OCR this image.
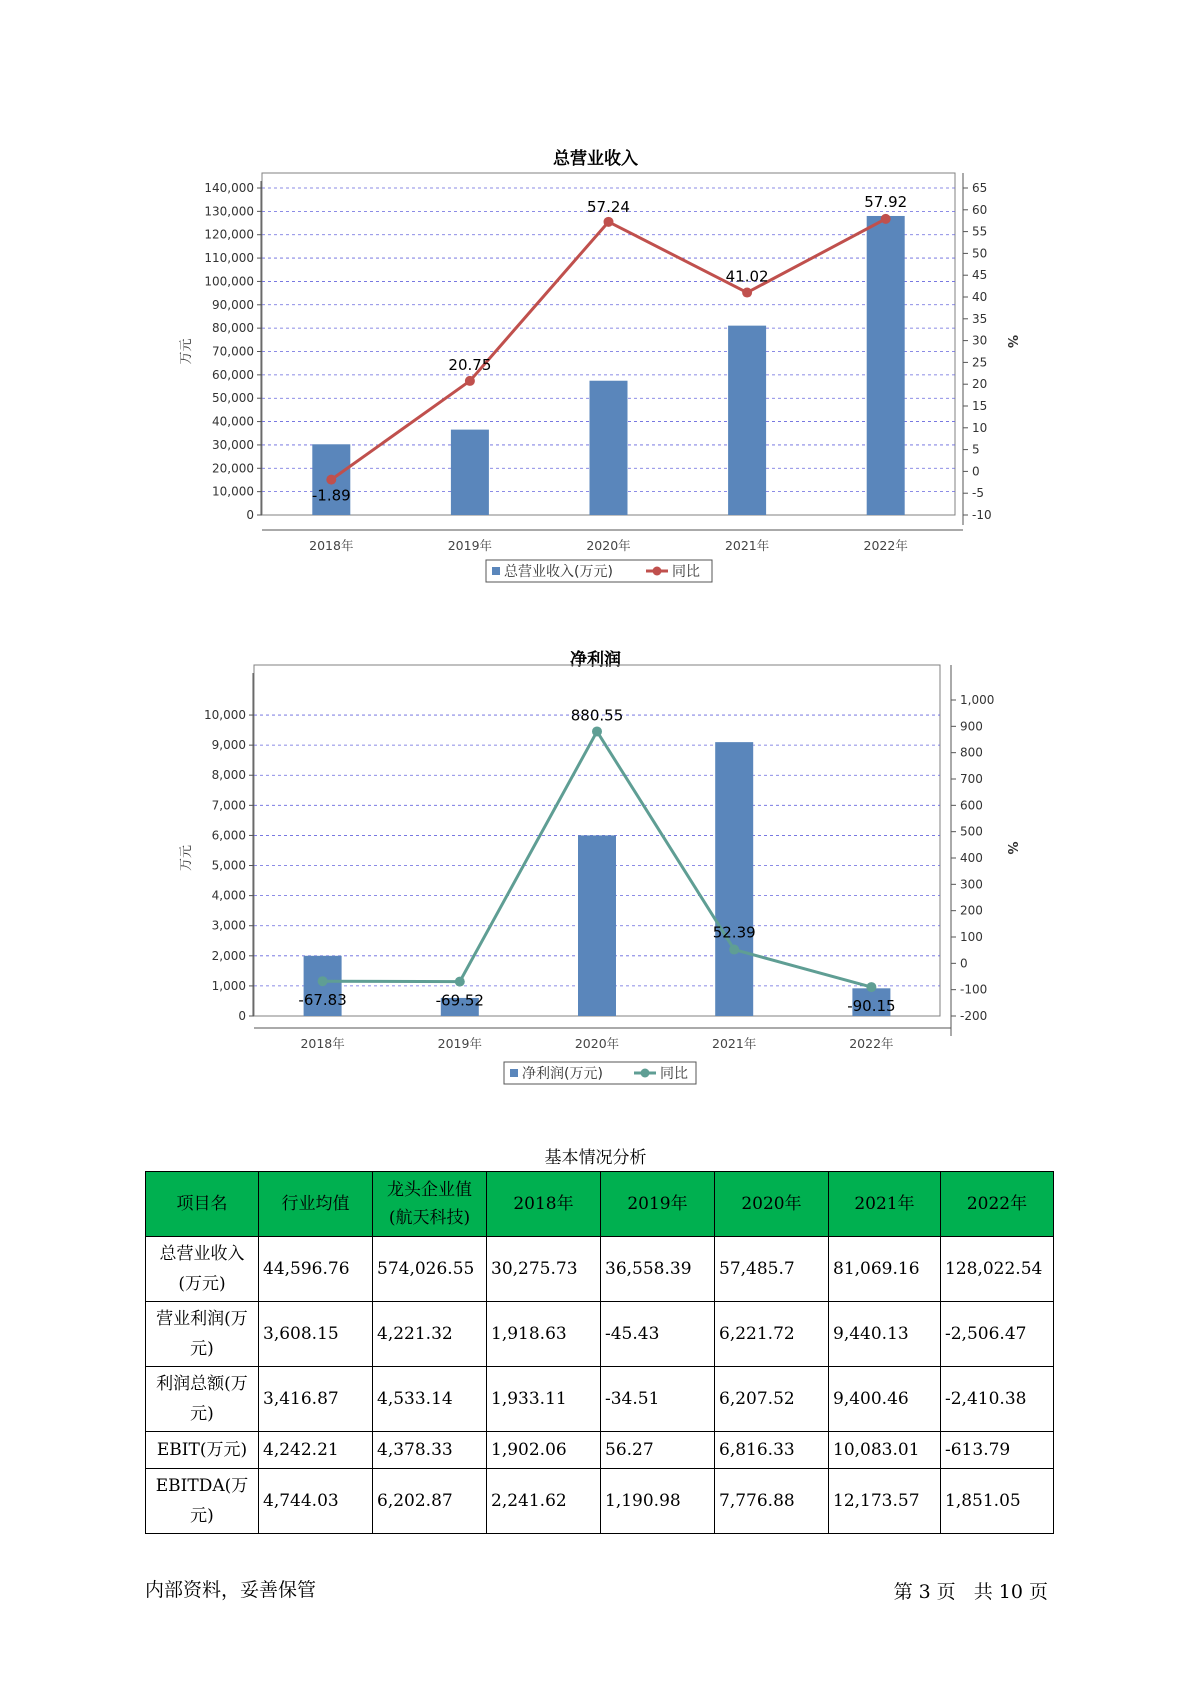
总营业收入
0
10,000
20,000
30,000
40,000
50,000
60,000
70,000
80,000
90,000
100,000
110,000
120,000
130,000
140,000
-10
-5
0
5
10
15
20
25
30
35
40
45
50
55
60
65
万元	%
2018年	2019年	2020年	2021年	2022年
-1.89
20.75
57.24
41.02
57.92
总营业收入(万元)	同比
净利润
0
1,000
2,000
3,000
4,000
5,000
6,000
7,000
8,000
9,000
10,000
-200
-100
0
100
200
300
400
500
600
700
800
900
1,000
万元	%
2018年	2019年	2020年	2021年	2022年
-67.83	-69.52
880.55
52.39
-90.15
净利润(万元)	同比
基本情况分析
项目名	行业均值	龙头企业值(航天科技)	2018年	2019年	2020年	2021年	2022年
总营业收入(万元)	44,596.76	574,026.55	30,275.73	36,558.39	57,485.7	81,069.16	128,022.54
营业利润(万元)	3,608.15	4,221.32	1,918.63	-45.43	6,221.72	9,440.13	-2,506.47
利润总额(万元)	3,416.87	4,533.14	1,933.11	-34.51	6,207.52	9,400.46	-2,410.38
EBIT(万元)	4,242.21	4,378.33	1,902.06	56.27	6,816.33	10,083.01	-613.79
EBITDA(万元)	4,744.03	6,202.87	2,241.62	1,190.98	7,776.88	12,173.57	1,851.05
内部资料，妥善保管	第 3 页 共 10 页
